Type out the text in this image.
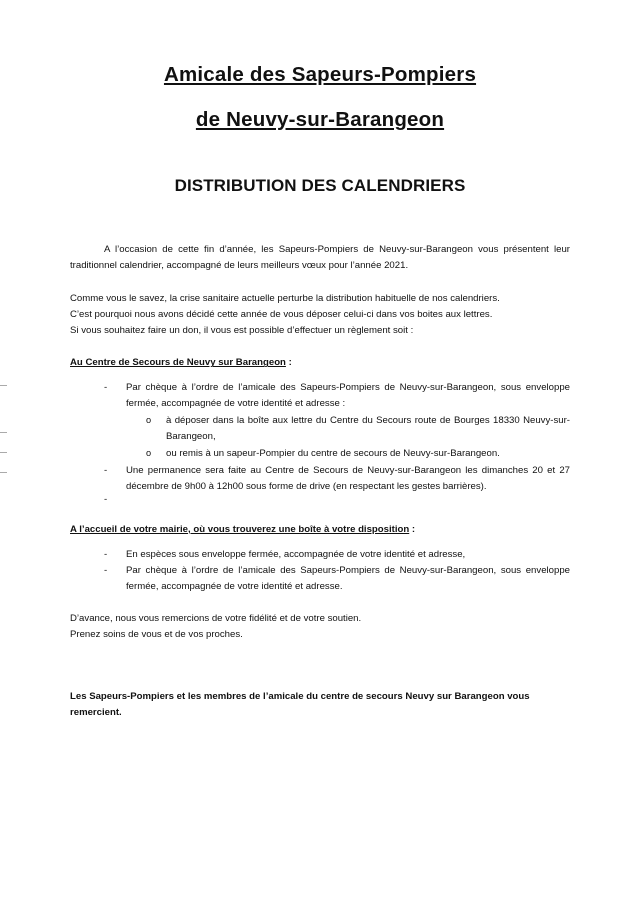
Amicale des Sapeurs-Pompiers
de Neuvy-sur-Barangeon
DISTRIBUTION DES CALENDRIERS

A l’occasion de cette fin d’année, les Sapeurs-Pompiers de Neuvy-sur-Barangeon vous présentent leur traditionnel calendrier, accompagné de leurs meilleurs vœux pour l’année 2021.

Comme vous le savez, la crise sanitaire actuelle perturbe la distribution habituelle de nos calendriers.
C’est pourquoi nous avons décidé cette année de vous déposer celui-ci dans vos boites aux lettres.
Si vous souhaitez faire un don, il vous est possible d’effectuer un règlement soit :

Au Centre de Secours de Neuvy sur Barangeon :
- Par chèque à l’ordre de l’amicale des Sapeurs-Pompiers de Neuvy-sur-Barangeon, sous enveloppe fermée, accompagnée de votre identité et adresse :
o à déposer dans la boîte aux lettre du Centre du Secours route de Bourges 18330 Neuvy-sur-Barangeon,
o ou remis à un sapeur-Pompier du centre de secours de Neuvy-sur-Barangeon.
- Une permanence sera faite au Centre de Secours de Neuvy-sur-Barangeon les dimanches 20 et 27 décembre de 9h00 à 12h00 sous forme de drive (en respectant les gestes barrières).
-
A l’accueil de votre mairie, où vous trouverez une boîte à votre disposition :
- En espèces sous enveloppe fermée, accompagnée de votre identité et adresse,
- Par chèque à l’ordre de l’amicale des Sapeurs-Pompiers de Neuvy-sur-Barangeon, sous enveloppe fermée, accompagnée de votre identité et adresse.

D’avance, nous vous remercions de votre fidélité et de votre soutien.

Prenez soins de vous et de vos proches.

Les Sapeurs-Pompiers et les membres de l’amicale du centre de secours Neuvy sur Barangeon vous remercient.
